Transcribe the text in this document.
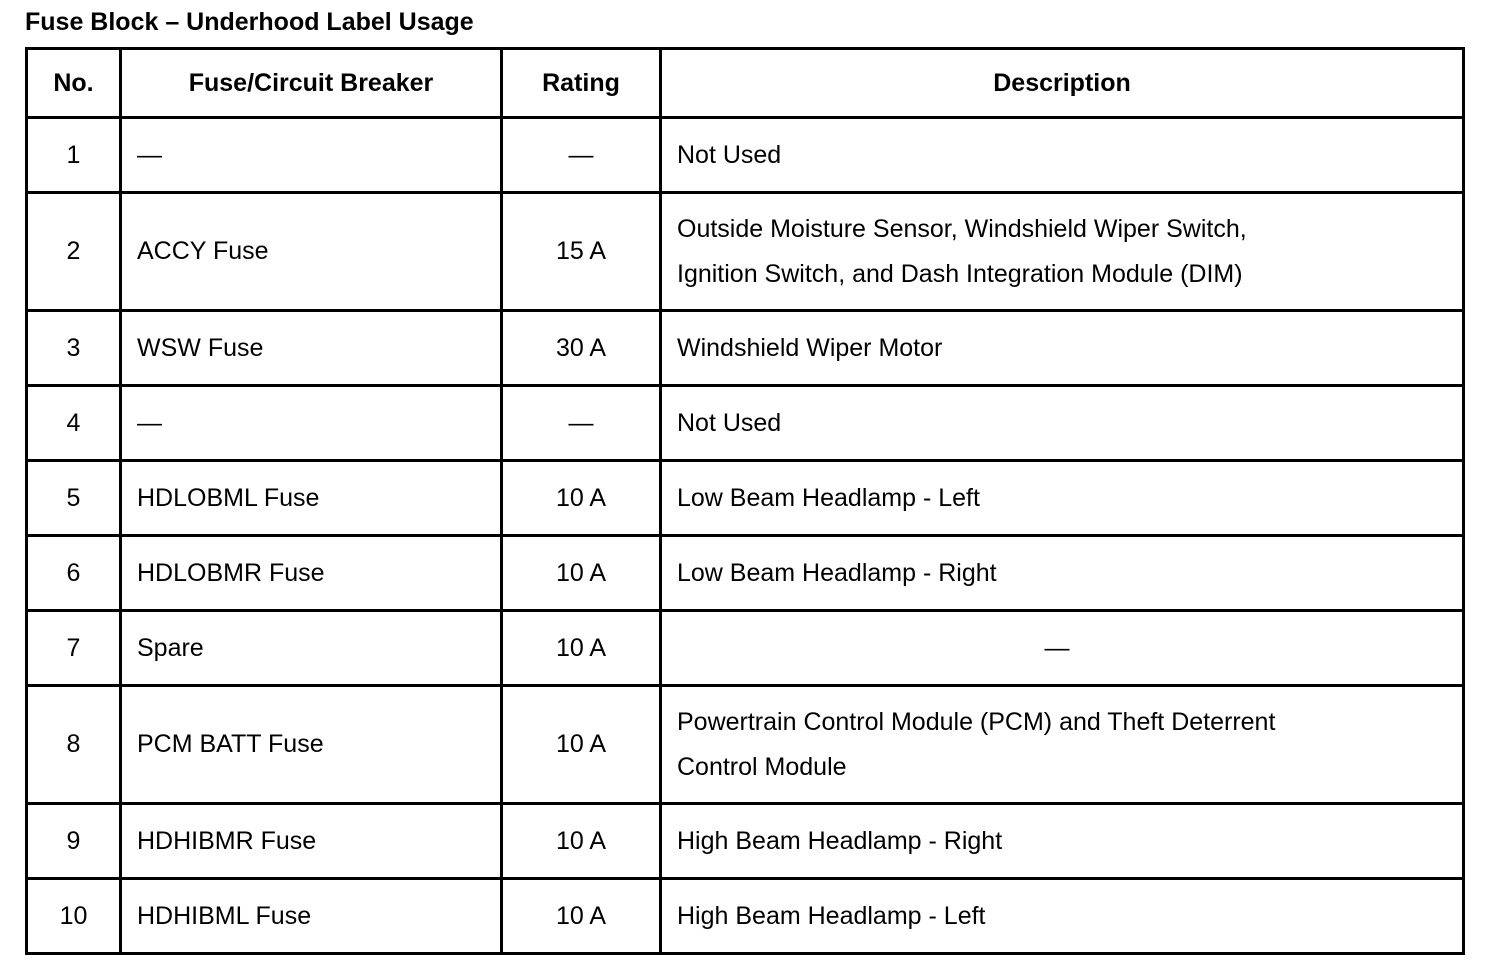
Fuse Block – Underhood Label Usage
No.	Fuse/Circuit Breaker	Rating	Description
1	—	—	Not Used

2	ACCY Fuse	15 A	Outside Moisture Sensor, Windshield Wiper Switch,
Ignition Switch, and Dash Integration Module (DIM)

3	WSW Fuse	30 A	Windshield Wiper Motor

4	—	—	Not Used

5	HDLOBML Fuse	10 A	Low Beam Headlamp - Left

6	HDLOBMR Fuse	10 A	Low Beam Headlamp - Right

7	Spare	10 A	—

8	PCM BATT Fuse	10 A	Powertrain Control Module (PCM) and Theft Deterrent
Control Module

9	HDHIBMR Fuse	10 A	High Beam Headlamp - Right

10	HDHIBML Fuse	10 A	High Beam Headlamp - Left
